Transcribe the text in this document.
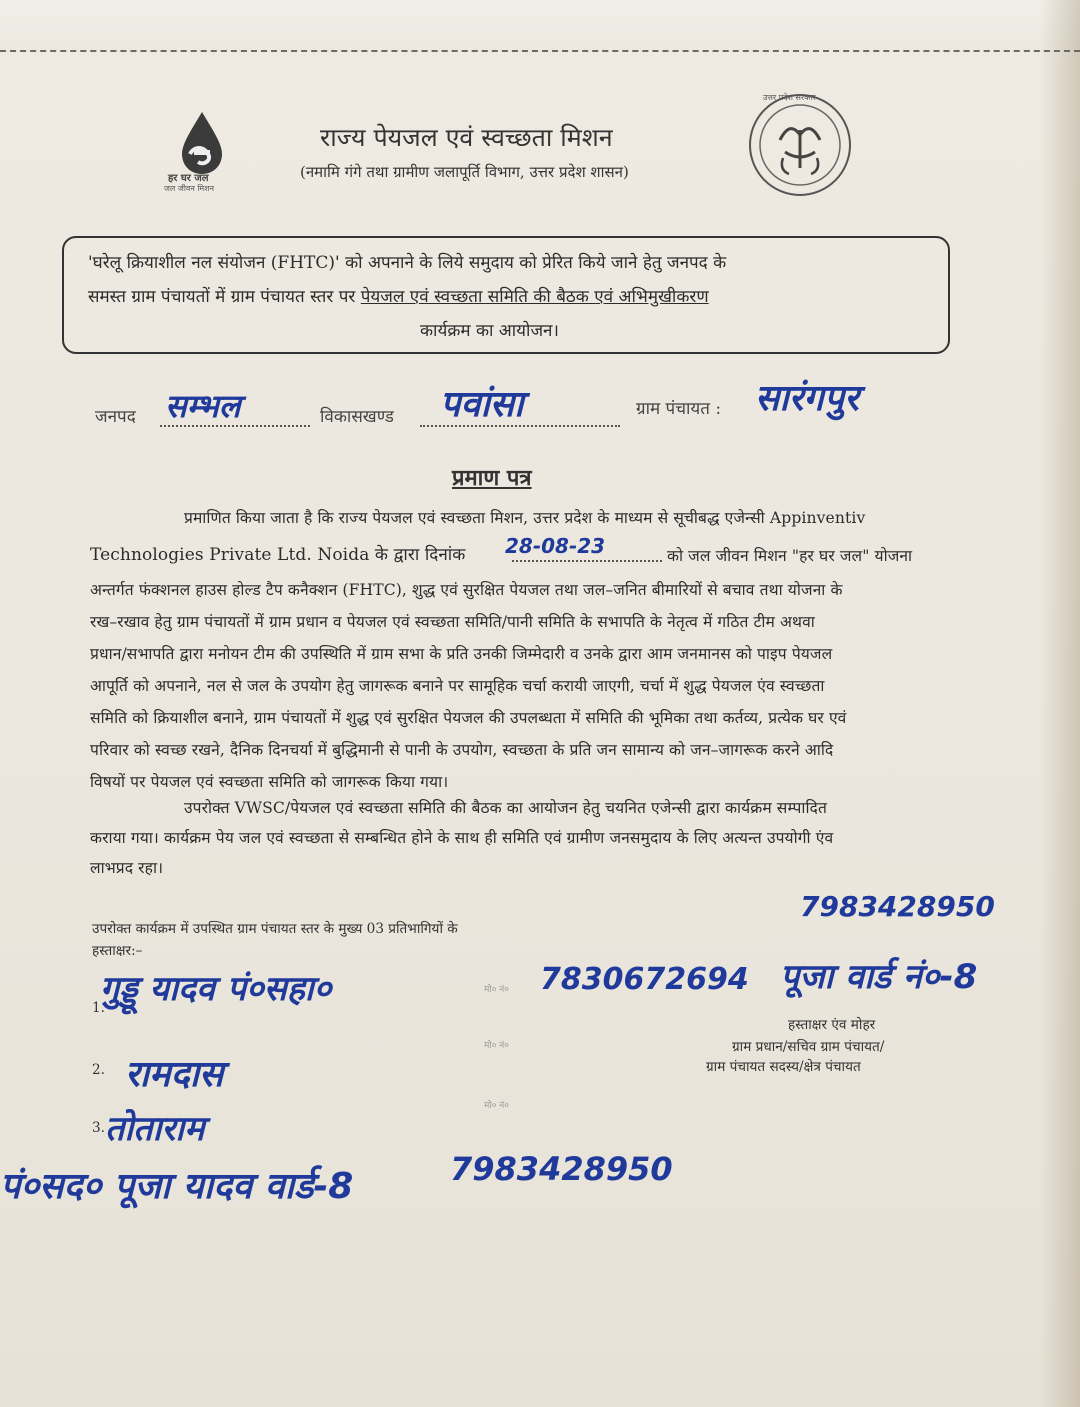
हर घर जल
जल जीवन मिशन
राज्य पेयजल एवं स्वच्छता मिशन
(नमामि गंगे तथा ग्रामीण जलापूर्ति विभाग, उत्तर प्रदेश शासन)
उत्तर प्रदेश सरकार
'घरेलू क्रियाशील नल संयोजन (FHTC)' को अपनाने के लिये समुदाय को प्रेरित किये जाने हेतु जनपद के
समस्त ग्राम पंचायतों में ग्राम पंचायत स्तर पर पेयजल एवं स्वच्छता समिति की बैठक एवं अभिमुखीकरण
कार्यक्रम का आयोजन।
जनपद सम्भल	विकासखण्ड पवांसा	ग्राम पंचायत : सारंगपुर
प्रमाण पत्र
प्रमाणित किया जाता है कि राज्य पेयजल एवं स्वच्छता मिशन, उत्तर प्रदेश के माध्यम से सूचीबद्ध एजेन्सी Appinventiv
Technologies Private Ltd. Noida के द्वारा दिनांक 28-08-23	को जल जीवन मिशन "हर घर जल" योजना
अन्तर्गत फंक्शनल हाउस होल्ड टैप कनैक्शन (FHTC), शुद्ध एवं सुरक्षित पेयजल तथा जल–जनित बीमारियों से बचाव तथा योजना के
रख–रखाव हेतु ग्राम पंचायतों में ग्राम प्रधान व पेयजल एवं स्वच्छता समिति/पानी समिति के सभापति के नेतृत्व में गठित टीम अथवा
प्रधान/सभापति द्वारा मनोयन टीम की उपस्थिति में ग्राम सभा के प्रति उनकी जिम्मेदारी व उनके द्वारा आम जनमानस को पाइप पेयजल
आपूर्ति को अपनाने, नल से जल के उपयोग हेतु जागरूक बनाने पर सामूहिक चर्चा करायी जाएगी, चर्चा में शुद्ध पेयजल एंव स्वच्छता
समिति को क्रियाशील बनाने, ग्राम पंचायतों में शुद्ध एवं सुरक्षित पेयजल की उपलब्धता में समिति की भूमिका तथा कर्तव्य, प्रत्येक घर एवं
परिवार को स्वच्छ रखने, दैनिक दिनचर्या में बुद्धिमानी से पानी के उपयोग, स्वच्छता के प्रति जन सामान्य को जन–जागरूक करने आदि
विषयों पर पेयजल एवं स्वच्छता समिति को जागरूक किया गया।
उपरोक्त VWSC/पेयजल एवं स्वच्छता समिति की बैठक का आयोजन हेतु चयनित एजेन्सी द्वारा कार्यक्रम सम्पादित
कराया गया। कार्यक्रम पेय जल एवं स्वच्छता से सम्बन्धित होने के साथ ही समिति एवं ग्रामीण जनसमुदाय के लिए अत्यन्त उपयोगी एंव
लाभप्रद रहा।
उपरोक्त कार्यक्रम में उपस्थित ग्राम पंचायत स्तर के मुख्य 03 प्रतिभागियों के
हस्ताक्षर:–
7983428950
1.
गुड्डू यादव पं०सहा०	मो० नं० 7830672694 पूजा वार्ड नं०-8
हस्ताक्षर एंव मोहर
ग्राम प्रधान/सचिव ग्राम पंचायत/
ग्राम पंचायत सदस्य/क्षेत्र पंचायत
मो० नं०
2. रामदास
मो० नं०
3. तोताराम
पं०सद० पूजा यादव वार्ड-8	7983428950
